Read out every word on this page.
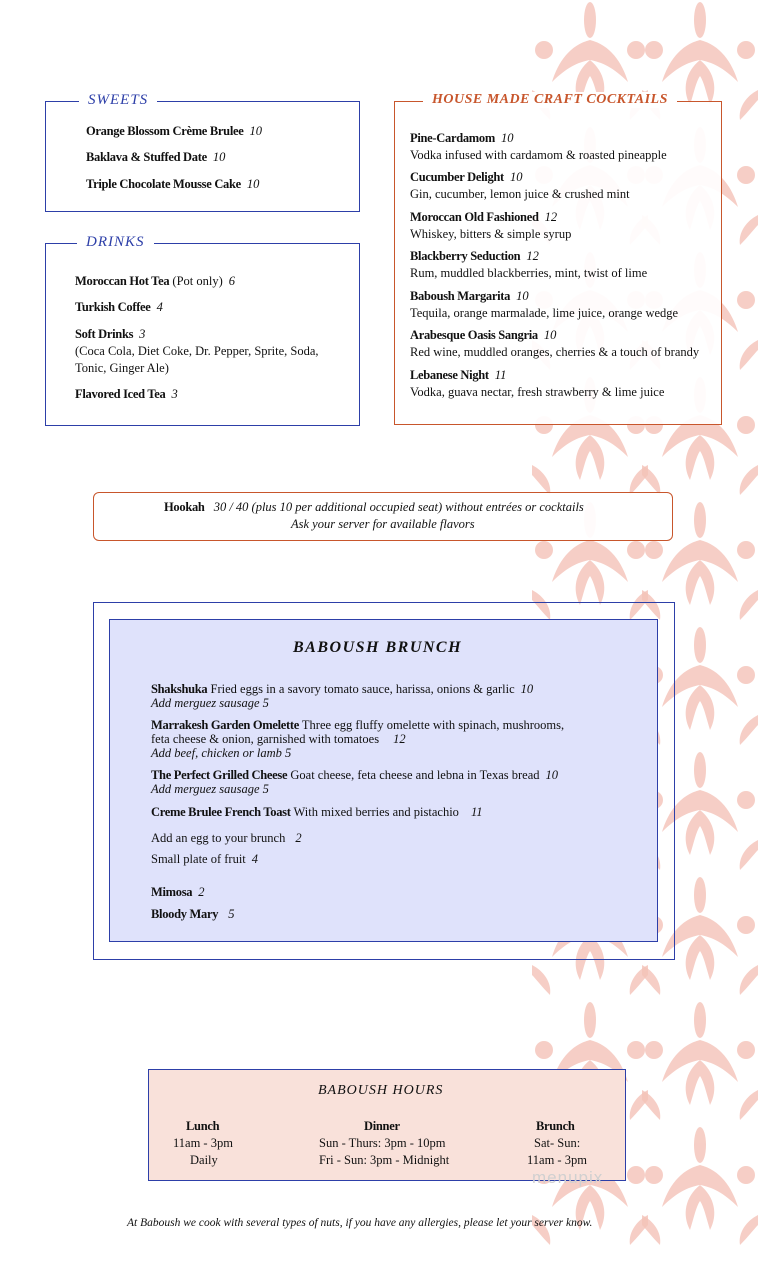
SWEETS
Orange Blossom Crème Brulee 10
Baklava & Stuffed Date 10
Triple Chocolate Mousse Cake 10
DRINKS
Moroccan Hot Tea (Pot only) 6
Turkish Coffee 4
Soft Drinks 3
(Coca Cola, Diet Coke, Dr. Pepper, Sprite, Soda,
Tonic, Ginger Ale)
Flavored Iced Tea 3
HOUSE MADE CRAFT COCKTAILS
Pine-Cardamom 10
Vodka infused with cardamom & roasted pineapple
Cucumber Delight 10
Gin, cucumber, lemon juice & crushed mint
Moroccan Old Fashioned 12
Whiskey, bitters & simple syrup
Blackberry Seduction 12
Rum, muddled blackberries, mint, twist of lime
Baboush Margarita 10
Tequila, orange marmalade, lime juice, orange wedge
Arabesque Oasis Sangria 10
Red wine, muddled oranges, cherries & a touch of brandy
Lebanese Night 11
Vodka, guava nectar, fresh strawberry & lime juice
Hookah 30 / 40 (plus 10 per additional occupied seat) without entrées or cocktails
Ask your server for available flavors
BABOUSH BRUNCH
Shakshuka Fried eggs in a savory tomato sauce, harissa, onions & garlic 10
Add merguez sausage 5
Marrakesh Garden Omelette Three egg fluffy omelette with spinach, mushrooms,
feta cheese & onion, garnished with tomatoes 12
Add beef, chicken or lamb 5
The Perfect Grilled Cheese Goat cheese, feta cheese and lebna in Texas bread 10
Add merguez sausage 5
Creme Brulee French Toast With mixed berries and pistachio 11
Add an egg to your brunch 2
Small plate of fruit 4
Mimosa 2
Bloody Mary 5
BABOUSH HOURS
Lunch
11am - 3pm
Daily
Dinner
Sun - Thurs: 3pm - 10pm
Fri - Sun: 3pm - Midnight
Brunch
Sat- Sun:
11am - 3pm
menupix
At Baboush we cook with several types of nuts, if you have any allergies, please let your server know.
